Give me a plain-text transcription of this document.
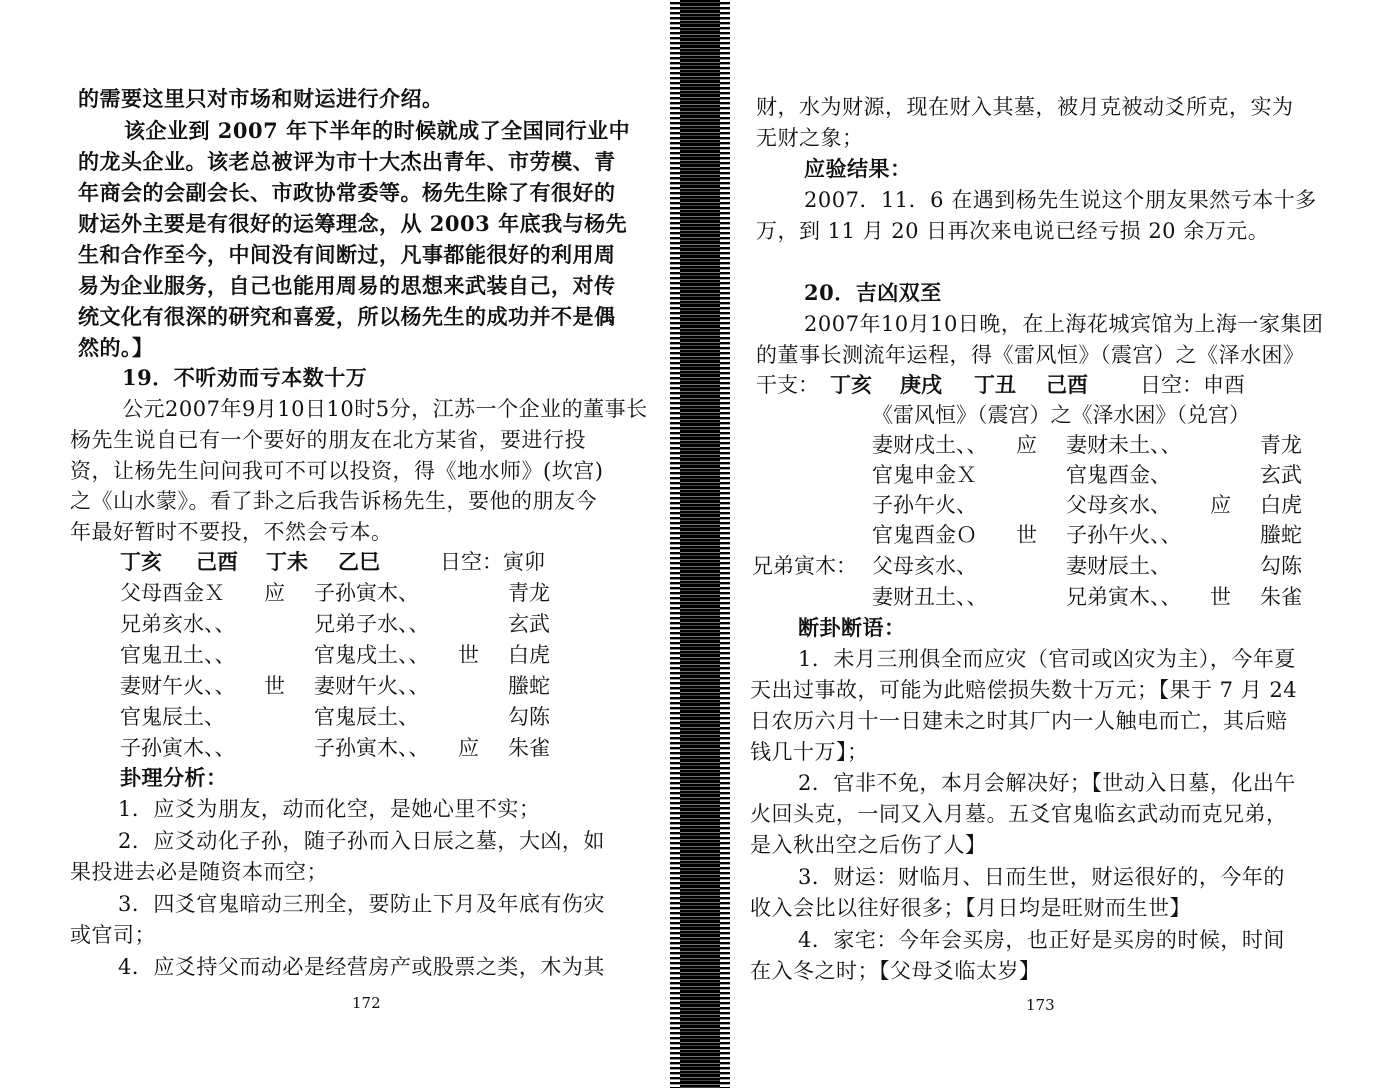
的需要这里只对市场和财运进行介绍。
该企业到 2007 年下半年的时候就成了全国同行业中
的龙头企业。该老总被评为市十大杰出青年、市劳模、青
年商会的会副会长、市政协常委等。杨先生除了有很好的
财运外主要是有很好的运筹理念，从 2003 年底我与杨先
生和合作至今，中间没有间断过，凡事都能很好的利用周
易为企业服务，自己也能用周易的思想来武装自己，对传
统文化有很深的研究和喜爱，所以杨先生的成功并不是偶
然的。】
19．不听劝而亏本数十万
公元2007年9月10日10时5分，江苏一个企业的董事长
杨先生说自已有一个要好的朋友在北方某省，要进行投
资，让杨先生问问我可不可以投资，得《地水师》(坎宫)
之《山水蒙》。看了卦之后我告诉杨先生，要他的朋友今
年最好暂时不要投，不然会亏本。
丁亥 己酉 丁未 乙巳	日空：寅卯
父母酉金Ｘ 应 子孙寅木、	青龙
兄弟亥水、、	兄弟子水、、	玄武
官鬼丑土、、	官鬼戌土、、 世 白虎
妻财午火、、 世 妻财午火、、	螣蛇
官鬼辰土、	官鬼辰土、	勾陈
子孙寅木、、	子孙寅木、、 应 朱雀
卦理分析：
1．应爻为朋友，动而化空，是她心里不实；
2．应爻动化子孙，随子孙而入日辰之墓，大凶，如
果投进去必是随资本而空；
3．四爻官鬼暗动三刑全，要防止下月及年底有伤灾
或官司；
4．应爻持父而动必是经营房产或股票之类，木为其
172
财，水为财源，现在财入其墓，被月克被动爻所克，实为
无财之象；
应验结果：
2007．11．6 在遇到杨先生说这个朋友果然亏本十多
万，到 11 月 20 日再次来电说已经亏损 20 余万元。
20．吉凶双至
2007年10月10日晚，在上海花城宾馆为上海一家集团
的董事长测流年运程，得《雷风恒》（震宫）之《泽水困》
干支： 丁亥 庚戌 丁丑 己酉 日空：申酉
《雷风恒》（震宫）之《泽水困》（兑宫）
妻财戌土、、 应 妻财未土、、	青龙
官鬼申金Ｘ	官鬼酉金、	玄武
子孙午火、	父母亥水、 应 白虎
官鬼酉金Ｏ 世 子孙午火、、	螣蛇
兄弟寅木： 父母亥水、	妻财辰土、	勾陈
妻财丑土、、	兄弟寅木、、 世 朱雀
断卦断语：
1．未月三刑俱全而应灾（官司或凶灾为主），今年夏
天出过事故，可能为此赔偿损失数十万元；【果于 7 月 24
日农历六月十一日建未之时其厂内一人触电而亡，其后赔
钱几十万】；
2．官非不免，本月会解决好；【世动入日墓，化出午
火回头克，一同又入月墓。五爻官鬼临玄武动而克兄弟，
是入秋出空之后伤了人】
3．财运：财临月、日而生世，财运很好的，今年的
收入会比以往好很多；【月日均是旺财而生世】
4．家宅：今年会买房，也正好是买房的时候，时间
在入冬之时；【父母爻临太岁】
173
